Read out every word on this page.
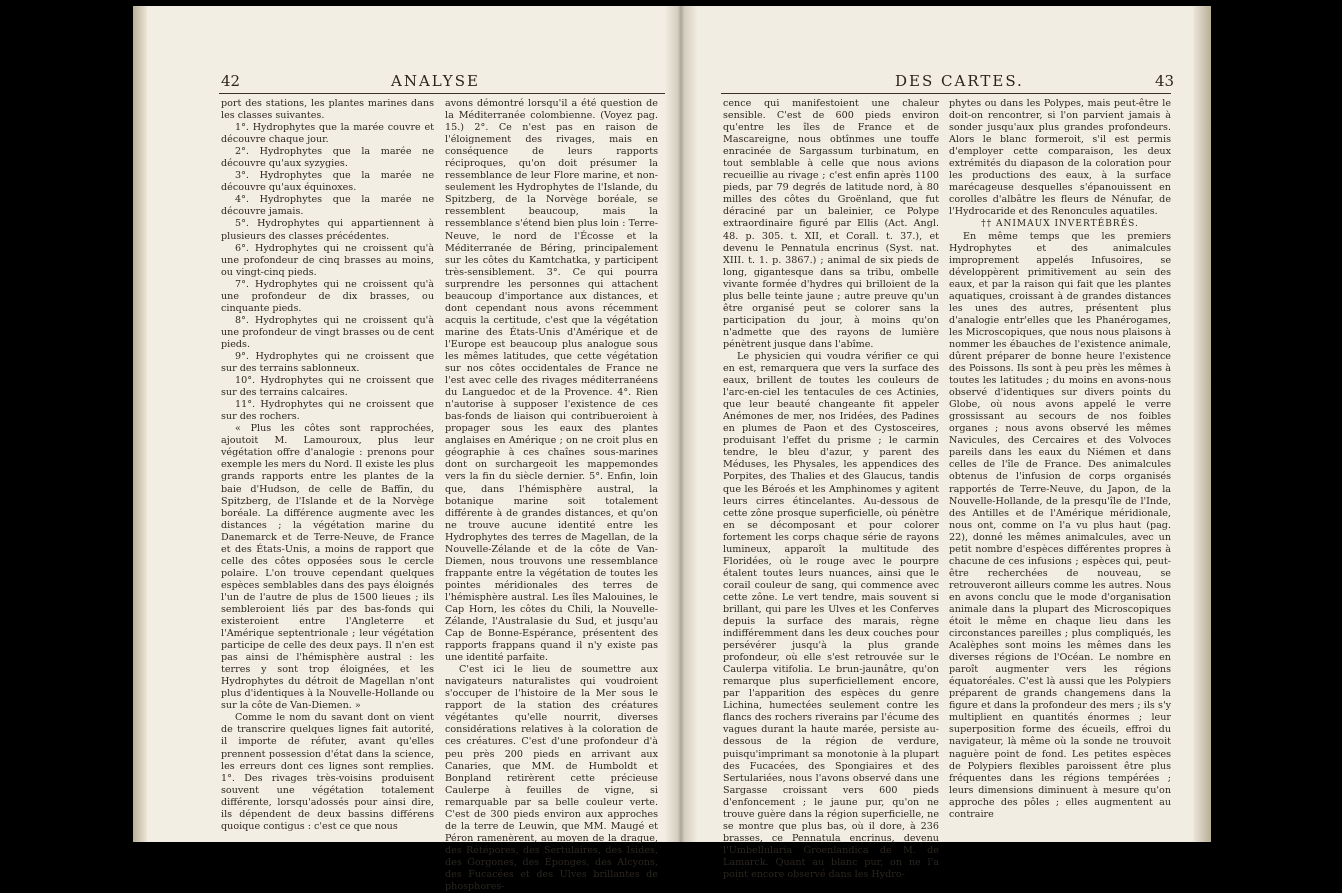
42	ANALYSE

port des stations, les plantes marines dans les classes suivantes.

1°. Hydrophytes que la marée couvre et découvre chaque jour.

2°. Hydrophytes que la marée ne découvre qu'aux syzygies.

3°. Hydrophytes que la marée ne découvre qu'aux équinoxes.

4°. Hydrophytes que la marée ne découvre jamais.

5°. Hydrophytes qui appartiennent à plusieurs des classes précédentes.

6°. Hydrophytes qui ne croissent qu'à une profondeur de cinq brasses au moins, ou vingt-cinq pieds.

7°. Hydrophytes qui ne croissent qu'à une profondeur de dix brasses, ou cinquante pieds.

8°. Hydrophytes qui ne croissent qu'à une profondeur de vingt brasses ou de cent pieds.

9°. Hydrophytes qui ne croissent que sur des terrains sablonneux.

10°. Hydrophytes qui ne croissent que sur des terrains calcaires.

11°. Hydrophytes qui ne croissent que sur des rochers.

« Plus les côtes sont rapprochées, ajoutoit M. Lamouroux, plus leur végétation offre d'analogie : prenons pour exemple les mers du Nord. Il existe les plus grands rapports entre les plantes de la baie d'Hudson, de celle de Baffin, du Spitzberg, de l'Islande et de la Norvège boréale. La différence augmente avec les distances ; la végétation marine du Danemarck et de Terre-Neuve, de France et des États-Unis, a moins de rapport que celle des côtes opposées sous le cercle polaire. L'on trouve cependant quelques espèces semblables dans des pays éloignés l'un de l'autre de plus de 1500 lieues ; ils sembleroient liés par des bas-fonds qui existeroient entre l'Angleterre et l'Amérique septentrionale ; leur végétation participe de celle des deux pays. Il n'en est pas ainsi de l'hémisphère austral : les terres y sont trop éloignées, et les Hydrophytes du détroit de Magellan n'ont plus d'identiques à la Nouvelle-Hollande ou sur la côte de Van-Diemen. »

Comme le nom du savant dont on vient de transcrire quelques lignes fait autorité, il importe de réfuter, avant qu'elles prennent possession d'état dans la science, les erreurs dont ces lignes sont remplies. 1°. Des rivages très-voisins produisent souvent une végétation totalement différente, lorsqu'adossés pour ainsi dire, ils dépendent de deux bassins différens quoique contigus : c'est ce que nous

avons démontré lorsqu'il a été question de la Méditerranée colombienne. (Voyez pag. 15.) 2°. Ce n'est pas en raison de l'éloignement des rivages, mais en conséquence de leurs rapports réciproques, qu'on doit présumer la ressemblance de leur Flore marine, et non-seulement les Hydrophytes de l'Islande, du Spitzberg, de la Norvège boréale, se ressemblent beaucoup, mais la ressemblance s'étend bien plus loin : Terre-Neuve, le nord de l'Écosse et la Méditerranée de Béring, principalement sur les côtes du Kamtchatka, y participent très-sensiblement. 3°. Ce qui pourra surprendre les personnes qui attachent beaucoup d'importance aux distances, et dont cependant nous avons récemment acquis la certitude, c'est que la végétation marine des États-Unis d'Amérique et de l'Europe est beaucoup plus analogue sous les mêmes latitudes, que cette végétation sur nos côtes occidentales de France ne l'est avec celle des rivages méditerranéens du Languedoc et de la Provence. 4°. Rien n'autorise à supposer l'existence de ces bas-fonds de liaison qui contribueroient à propager sous les eaux des plantes anglaises en Amérique ; on ne croit plus en géographie à ces chaînes sous-marines dont on surchargeoit les mappemondes vers la fin du siècle dernier. 5°. Enfin, loin que, dans l'hémisphère austral, la botanique marine soit totalement différente à de grandes distances, et qu'on ne trouve aucune identité entre les Hydrophytes des terres de Magellan, de la Nouvelle-Zélande et de la côte de Van-Diemen, nous trouvons une ressemblance frappante entre la végétation de toutes les pointes méridionales des terres de l'hémisphère austral. Les îles Malouines, le Cap Horn, les côtes du Chili, la Nouvelle-Zélande, l'Australasie du Sud, et jusqu'au Cap de Bonne-Espérance, présentent des rapports frappans quand il n'y existe pas une identité parfaite.

C'est ici le lieu de soumettre aux navigateurs naturalistes qui voudroient s'occuper de l'histoire de la Mer sous le rapport de la station des créatures végétantes qu'elle nourrit, diverses considérations relatives à la coloration de ces créatures. C'est d'une profondeur d'à peu près 200 pieds en arrivant aux Canaries, que MM. de Humboldt et Bonpland retirèrent cette précieuse Caulerpe à feuilles de vigne, si remarquable par sa belle couleur verte. C'est de 300 pieds environ aux approches de la terre de Leuwin, que MM. Maugé et Péron ramenèrent, au moyen de la drague, des Rétépores, des Sertulaires, des Isides, des Gorgones, des Éponges, des Alcyons, des Fucacées et des Ulves brillantes de phosphores-

DES CARTES.	43

cence qui manifestoient une chaleur sensible. C'est de 600 pieds environ qu'entre les îles de France et de Mascareigne, nous obtînmes une touffe enracinée de Sargassum turbinatum, en tout semblable à celle que nous avions recueillie au rivage ; c'est enfin après 1100 pieds, par 79 degrés de latitude nord, à 80 milles des côtes du Groënland, que fut déraciné par un baleinier, ce Polype extraordinaire figuré par Ellis (Act. Angl. 48. p. 305. t. XII, et Corall. t. 37.), et devenu le Pennatula encrinus (Syst. nat. XIII. t. 1. p. 3867.) ; animal de six pieds de long, gigantesque dans sa tribu, ombelle vivante formée d'hydres qui brilloient de la plus belle teinte jaune ; autre preuve qu'un être organisé peut se colorer sans la participation du jour, à moins qu'on n'admette que des rayons de lumière pénètrent jusque dans l'abîme.

Le physicien qui voudra vérifier ce qui en est, remarquera que vers la surface des eaux, brillent de toutes les couleurs de l'arc-en-ciel les tentacules de ces Actinies, que leur beauté changeante fit appeler Anémones de mer, nos Iridées, des Padines en plumes de Paon et des Cystosceires, produisant l'effet du prisme ; le carmin tendre, le bleu d'azur, y parent des Méduses, les Physales, les appendices des Porpites, des Thalies et des Glaucus, tandis que les Béroés et les Amphinomes y agitent leurs cirres étincelantes. Au-dessous de cette zône prosque superficielle, où pénètre en se décomposant et pour colorer fortement les corps chaque série de rayons lumineux, apparoît la multitude des Floridées, où le rouge avec le pourpre étalent toutes leurs nuances, ainsi que le corail couleur de sang, qui commence avec cette zône. Le vert tendre, mais souvent si brillant, qui pare les Ulves et les Conferves depuis la surface des marais, règne indifféremment dans les deux couches pour persévérer jusqu'à la plus grande profondeur, où elle s'est retrouvée sur le Caulerpa vitifolia. Le brun-jaunâtre, qu'on remarque plus superficiellement encore, par l'apparition des espèces du genre Lichina, humectées seulement contre les flancs des rochers riverains par l'écume des vagues durant la haute marée, persiste au-dessous de la région de verdure, puisqu'imprimant sa monotonie à la plupart des Fucacées, des Spongiaires et des Sertulariées, nous l'avons observé dans une Sargasse croissant vers 600 pieds d'enfoncement ; le jaune pur, qu'on ne trouve guère dans la région superficielle, ne se montre que plus bas, où il dore, à 236 brasses, ce Pennatula encrinus, devenu l'Umbellularia Groenlandica de M. de Lamarck. Quant au blanc pur, on ne l'a point encore observé dans les Hydro-

phytes ou dans les Polypes, mais peut-être le doit-on rencontrer, si l'on parvient jamais à sonder jusqu'aux plus grandes profondeurs. Alors le blanc formeroit, s'il est permis d'employer cette comparaison, les deux extrémités du diapason de la coloration pour les productions des eaux, à la surface marécageuse desquelles s'épanouissent en corolles d'albâtre les fleurs de Nénufar, de l'Hydrocaride et des Renoncules aquatiles.

†† ANIMAUX INVERTÉBRÉS.

En même temps que les premiers Hydrophytes et des animalcules improprement appelés Infusoires, se développèrent primitivement au sein des eaux, et par la raison qui fait que les plantes aquatiques, croissant à de grandes distances les unes des autres, présentent plus d'analogie entr'elles que les Phanérogames, les Microscopiques, que nous nous plaisons à nommer les ébauches de l'existence animale, dûrent préparer de bonne heure l'existence des Poissons. Ils sont à peu près les mêmes à toutes les latitudes ; du moins en avons-nous observé d'identiques sur divers points du Globe, où nous avons appelé le verre grossissant au secours de nos foibles organes ; nous avons observé les mêmes Navicules, des Cercaires et des Volvoces pareils dans les eaux du Niémen et dans celles de l'île de France. Des animalcules obtenus de l'infusion de corps organisés rapportés de Terre-Neuve, du Japon, de la Nouvelle-Hollande, de la presqu'île de l'Inde, des Antilles et de l'Amérique méridionale, nous ont, comme on l'a vu plus haut (pag. 22), donné les mêmes animalcules, avec un petit nombre d'espèces différentes propres à chacune de ces infusions ; espèces qui, peut-être recherchées de nouveau, se retrouveront ailleurs comme les autres. Nous en avons conclu que le mode d'organisation animale dans la plupart des Microscopiques étoit le même en chaque lieu dans les circonstances pareilles ; plus compliqués, les Acalèphes sont moins les mêmes dans les diverses régions de l'Océan. Le nombre en paroît augmenter vers les régions équatoréales. C'est là aussi que les Polypiers préparent de grands changemens dans la figure et dans la profondeur des mers ; ils s'y multiplient en quantités énormes ; leur superposition forme des écueils, effroi du navigateur, là même où la sonde ne trouvoit naguère point de fond. Les petites espèces de Polypiers flexibles paroissent être plus fréquentes dans les régions tempérées ; leurs dimensions diminuent à mesure qu'on approche des pôles ; elles augmentent au contraire
